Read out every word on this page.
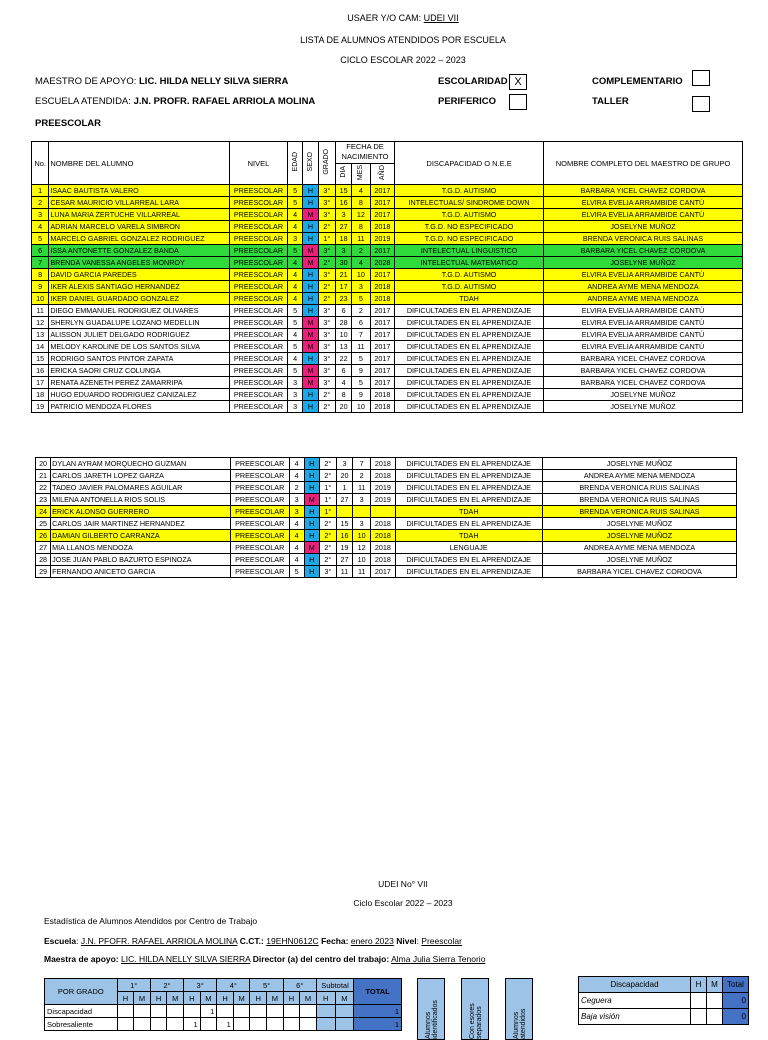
USAER Y/O CAM: UDEI VII
LISTA DE ALUMNOS ATENDIDOS POR ESCUELA
CICLO ESCOLAR 2022 – 2023
MAESTRO DE APOYO: LIC. HILDA NELLY SILVA SIERRA
ESCUELA ATENDIDA: J.N. PROFR. RAFAEL ARRIOLA MOLINA
PREESCOLAR
ESCOLARIDAD X
PERIFERICO
COMPLEMENTARIO
TALLER
No.	NOMBRE DEL ALUMNO	NIVEL	EDAD	SEXO	GRADO	FECHA DE NACIMIENTO			DISCAPACIDAD O N.E.E	NOMBRE COMPLETO DEL MAESTRO DE GRUPO
						DIA	MES	AÑO		
1	ISAAC BAUTISTA VALERO	PREESCOLAR	5	H	3°	15	4	2017	T.G.D. AUTISMO	BARBARA YICEL CHAVEZ CORDOVA
2	CESAR MAURICIO VILLARREAL LARA	PREESCOLAR	5	H	3°	16	8	2017	INTELECTUALS/ SINDROME DOWN	ELVIRA EVELIA ARRAMBIDE CANTÚ
3	LUNA MARIA ZERTUCHE VILLARREAL	PREESCOLAR	4	M	3°	3	12	2017	T.G.D. AUTISMO	ELVIRA EVELIA ARRAMBIDE CANTÚ
4	ADRIAN MARCELO VARELA SIMBRON	PREESCOLAR	4	H	2°	27	8	2018	T.G.D. NO ESPECIFICADO	JOSELYNE MUÑOZ
5	MARCELO GABRIEL GONZALEZ RODRIGUEZ	PREESCOLAR	3	H	1°	18	11	2019	T.G.D. NO ESPECIFICADO	BRENDA VERONICA RUIS SALINAS
6	ISSA ANTONETTE GONZALEZ BANDA	PREESCOLAR	5	M	3°	3	2	2017	INTELECTUAL LINGUISTICO	BARBARA YICEL CHAVEZ CORDOVA
7	BRENDA VANESSA ANGELES MONROY	PREESCOLAR	4	M	2°	30	4	2028	INTELECTUAL MATEMATICO	JOSELYNE MUÑOZ
8	DAVID GARCIA PAREDES	PREESCOLAR	4	H	3°	21	10	2017	T.G.D. AUTISMO	ELVIRA EVELIA ARRAMBIDE CANTÚ
9	IKER ALEXIS SANTIAGO HERNANDEZ	PREESCOLAR	4	H	2°	17	3	2018	T.G.D. AUTISMO	ANDREA AYME MENA MENDOZA
10	IKER DANIEL GUARDADO GONZALEZ	PREESCOLAR	4	H	2°	23	5	2018	TDAH	ANDREA AYME MENA MENDOZA
11	DIEGO EMMANUEL RODRIGUEZ OLIVARES	PREESCOLAR	5	H	3°	6	2	2017	DIFICULTADES EN EL APRENDIZAJE	ELVIRA EVELIA ARRAMBIDE CANTÚ
12	SHERLYN GUADALUPE LOZANO MEDELLIN	PREESCOLAR	5	M	3°	28	6	2017	DIFICULTADES EN EL APRENDIZAJE	ELVIRA EVELIA ARRAMBIDE CANTÚ
13	ALISSON JULIET DELGADO RODRIGUEZ	PREESCOLAR	4	M	3°	10	7	2017	DIFICULTADES EN EL APRENDIZAJE	ELVIRA EVELIA ARRAMBIDE CANTÚ
14	MELODY KAROLINE DE LOS SANTOS SILVA	PREESCOLAR	5	M	3°	13	11	2017	DIFICULTADES EN EL APRENDIZAJE	ELVIRA EVELIA ARRAMBIDE CANTÚ
15	RODRIGO SANTOS PINTOR ZAPATA	PREESCOLAR	4	H	3°	22	5	2017	DIFICULTADES EN EL APRENDIZAJE	BARBARA YICEL CHAVEZ CORDOVA
16	ERICKA SAORI CRUZ COLUNGA	PREESCOLAR	5	M	3°	6	9	2017	DIFICULTADES EN EL APRENDIZAJE	BARBARA YICEL CHAVEZ CORDOVA
17	RENATA AZENETH PEREZ ZAMARRIPA	PREESCOLAR	3	M	3°	4	5	2017	DIFICULTADES EN EL APRENDIZAJE	BARBARA YICEL CHAVEZ CORDOVA
18	HUGO EDUARDO RODRIGUEZ CANIZALEZ	PREESCOLAR	3	H	2°	8	9	2018	DIFICULTADES EN EL APRENDIZAJE	JOSELYNE MUÑOZ
19	PATRICIO MENDOZA FLORES	PREESCOLAR	3	H	2°	20	10	2018	DIFICULTADES EN EL APRENDIZAJE	JOSELYNE MUÑOZ
20	DYLAN AYRAM MORQUECHO GUZMAN	PREESCOLAR	4	H	2°	3	7	2018	DIFICULTADES EN EL APRENDIZAJE	JOSELYNE MUÑOZ
21	CARLOS JARETH LOPEZ GARZA	PREESCOLAR	4	H	2°	20	2	2018	DIFICULTADES EN EL APRENDIZAJE	ANDREA AYME MENA MENDOZA
22	TADEO JAVIER PALOMARES AGUILAR	PREESCOLAR	2	H	1°	1	11	2019	DIFICULTADES EN EL APRENDIZAJE	BRENDA VERONICA RUIS SALINAS
23	MILENA ANTONELLA RIOS SOLIS	PREESCOLAR	3	M	1°	27	3	2019	DIFICULTADES EN EL APRENDIZAJE	BRENDA VERONICA RUIS SALINAS
24	ERICK ALONSO GUERRERO	PREESCOLAR	3	H	1°				TDAH	BRENDA VERONICA RUIS SALINAS
25	CARLOS JAIR MARTINEZ HERNANDEZ	PREESCOLAR	4	H	2°	15	3	2018	DIFICULTADES EN EL APRENDIZAJE	JOSELYNE MUÑOZ
26	DAMIAN GILBERTO CARRANZA	PREESCOLAR	4	H	2°	16	10	2018	TDAH	JOSELYNE MUÑOZ
27	MIA LLANOS MENDOZA	PREESCOLAR	4	M	2°	19	12	2018	LENGUAJE	ANDREA AYME MENA MENDOZA
28	JOSE JUAN PABLO BAZURTO ESPINOZA	PREESCOLAR	4	H	2°	27	10	2018	DIFICULTADES EN EL APRENDIZAJE	JOSELYNE MUÑOZ
29	FERNANDO ANICETO GARCIA	PREESCOLAR	5	H	3°	11	11	2017	DIFICULTADES EN EL APRENDIZAJE	BARBARA YICEL CHAVEZ CORDOVA
UDEI No° VII
Ciclo Escolar 2022 – 2023
Estadística de Alumnos Atendidos por Centro de Trabajo
Escuela: J.N. PFOFR. RAFAEL ARRIOLA MOLINA C.CT.: 19EHN0612C Fecha: enero 2023 Nivel: Preescolar
Maestra de apoyo: LIC. HILDA NELLY SILVA SIERRA Director (a) del centro del trabajo: Alma Julia Sierra Tenorio
POR GRADO	1°		2°		3°		4°		5°		6°		Subtotal		TOTAL
	H	M	H	M	H	M	H	M	H	M	H	M	H	M	
Discapacidad						1									1
Sobresaliente					1		1								1	Alumnos identificados	Con esores separados	Alumnos atendidos
Discapacidad	H	M	Total
Ceguera			0
Baja visión			0
